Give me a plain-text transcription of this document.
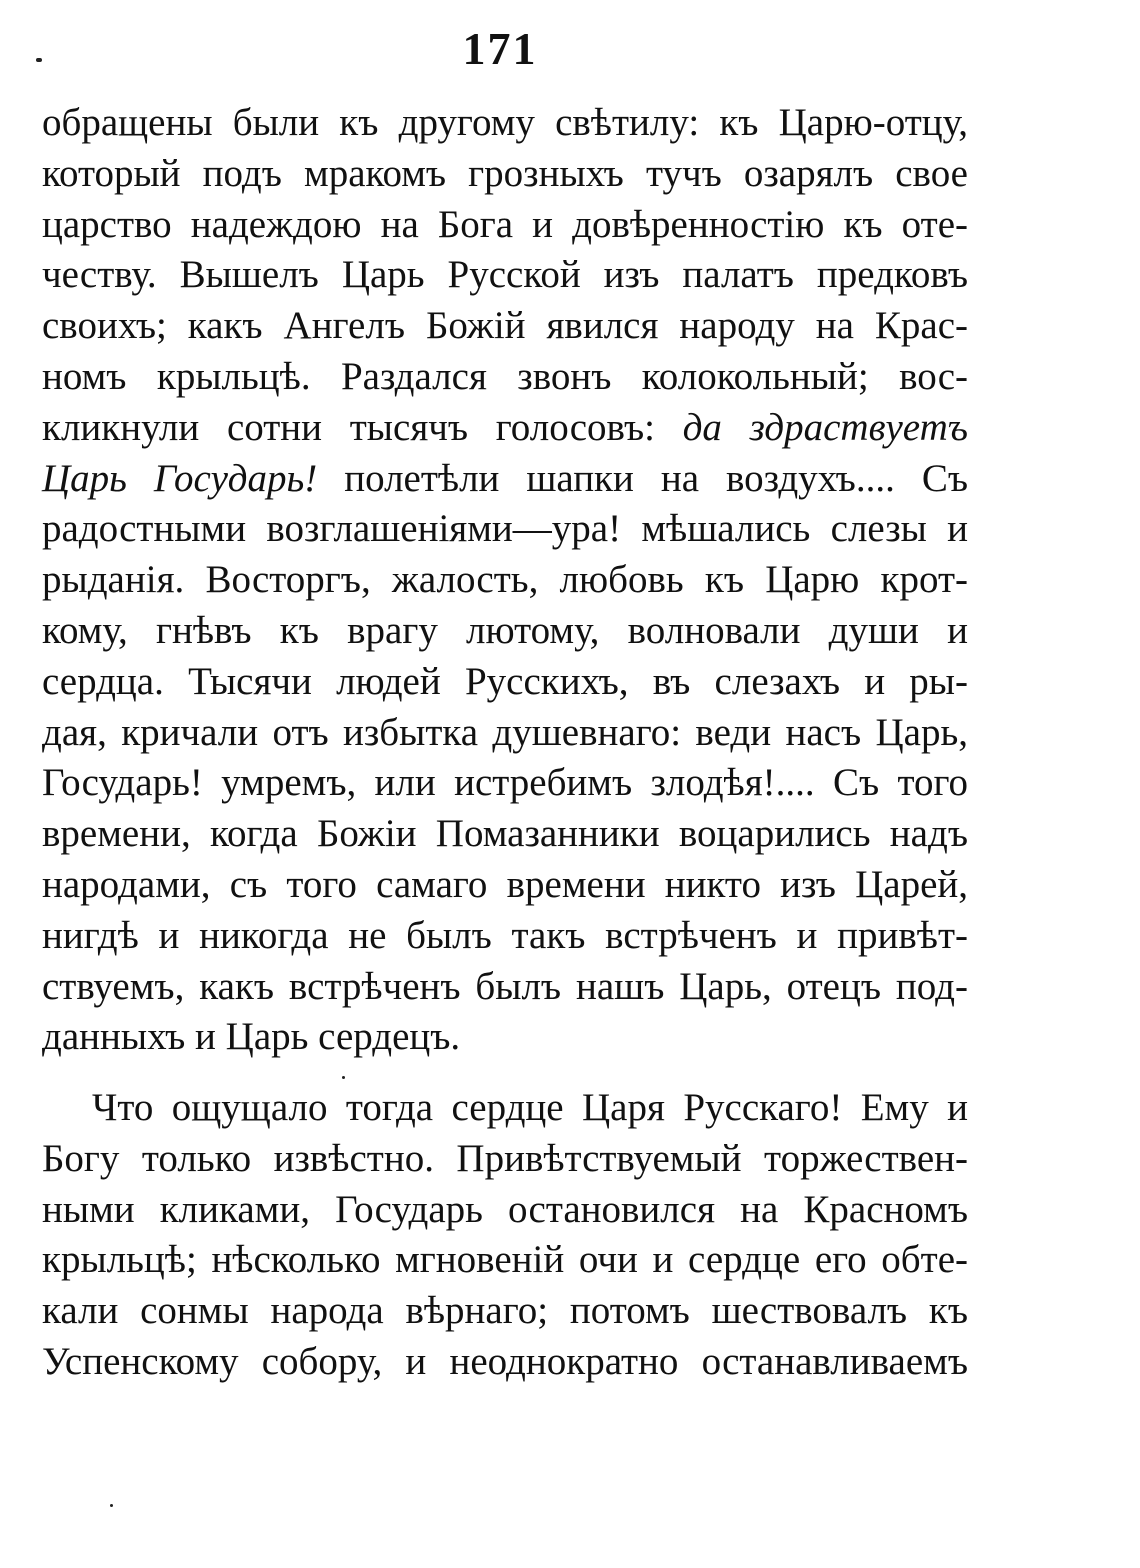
171
обращены были къ другому свѣтилу: къ Царю-отцу,
который подъ мракомъ грозныхъ тучъ озарялъ свое
царство надеждою на Бога и довѣренностію къ оте-
честву. Вышелъ Царь Русской изъ палатъ предковъ
своихъ; какъ Ангелъ Божій явился народу на Крас-
номъ крыльцѣ. Раздался звонъ колокольный; вос-
кликнули сотни тысячъ голосовъ: да здраствуетъ
Царь Государь! полетѣли шапки на воздухъ.... Съ
радостными возглашеніями—ура! мѣшались слезы и
рыданія. Восторгъ, жалость, любовь къ Царю крот-
кому, гнѣвъ къ врагу лютому, волновали души и
сердца. Тысячи людей Русскихъ, въ слезахъ и ры-
дая, кричали отъ избытка душевнаго: веди насъ Царь,
Государь! умремъ, или истребимъ злодѣя!.... Съ того
времени, когда Божіи Помазанники воцарились надъ
народами, съ того самаго времени никто изъ Царей,
нигдѣ и никогда не былъ такъ встрѣченъ и привѣт-
ствуемъ, какъ встрѣченъ былъ нашъ Царь, отецъ под-
данныхъ и Царь сердецъ.
Что ощущало тогда сердце Царя Русскаго! Ему и
Богу только извѣстно. Привѣтствуемый торжествен-
ными кликами, Государь остановился на Красномъ
крыльцѣ; нѣсколько мгновеній очи и сердце его обте-
кали сонмы народа вѣрнаго; потомъ шествовалъ къ
Успенскому собору, и неоднократно останавливаемъ
